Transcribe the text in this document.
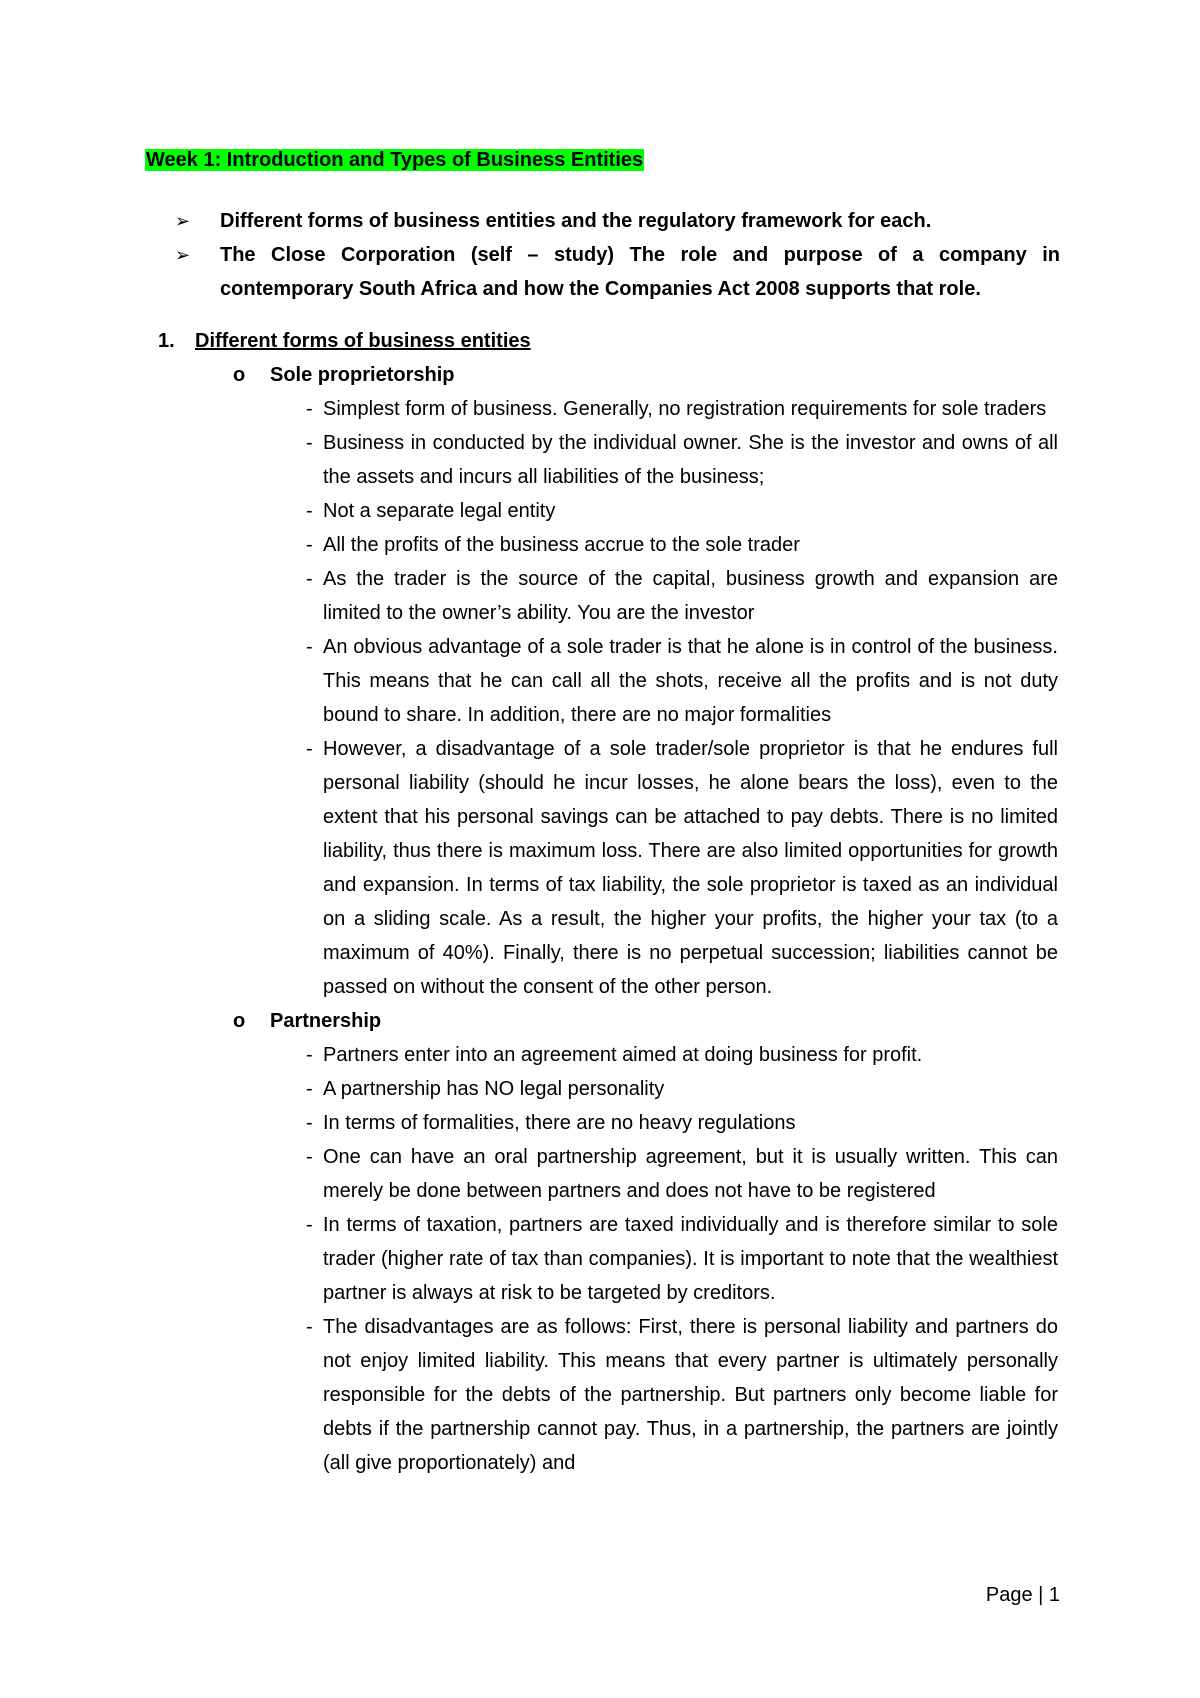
Week 1: Introduction and Types of Business Entities
➢ Different forms of business entities and the regulatory framework for each.
➢ The Close Corporation (self – study) The role and purpose of a company in contemporary South Africa and how the Companies Act 2008 supports that role.
1. Different forms of business entities
o Sole proprietorship
- Simplest form of business. Generally, no registration requirements for sole traders
- Business in conducted by the individual owner. She is the investor and owns of all the assets and incurs all liabilities of the business;
- Not a separate legal entity
- All the profits of the business accrue to the sole trader
- As the trader is the source of the capital, business growth and expansion are limited to the owner’s ability. You are the investor
- An obvious advantage of a sole trader is that he alone is in control of the business. This means that he can call all the shots, receive all the profits and is not duty bound to share. In addition, there are no major formalities
- However, a disadvantage of a sole trader/sole proprietor is that he endures full personal liability (should he incur losses, he alone bears the loss), even to the extent that his personal savings can be attached to pay debts. There is no limited liability, thus there is maximum loss. There are also limited opportunities for growth and expansion. In terms of tax liability, the sole proprietor is taxed as an individual on a sliding scale. As a result, the higher your profits, the higher your tax (to a maximum of 40%). Finally, there is no perpetual succession; liabilities cannot be passed on without the consent of the other person.
o Partnership
- Partners enter into an agreement aimed at doing business for profit.
- A partnership has NO legal personality
- In terms of formalities, there are no heavy regulations
- One can have an oral partnership agreement, but it is usually written. This can merely be done between partners and does not have to be registered
- In terms of taxation, partners are taxed individually and is therefore similar to sole trader (higher rate of tax than companies). It is important to note that the wealthiest partner is always at risk to be targeted by creditors.
- The disadvantages are as follows: First, there is personal liability and partners do not enjoy limited liability. This means that every partner is ultimately personally responsible for the debts of the partnership. But partners only become liable for debts if the partnership cannot pay. Thus, in a partnership, the partners are jointly (all give proportionately) and
Page | 1
